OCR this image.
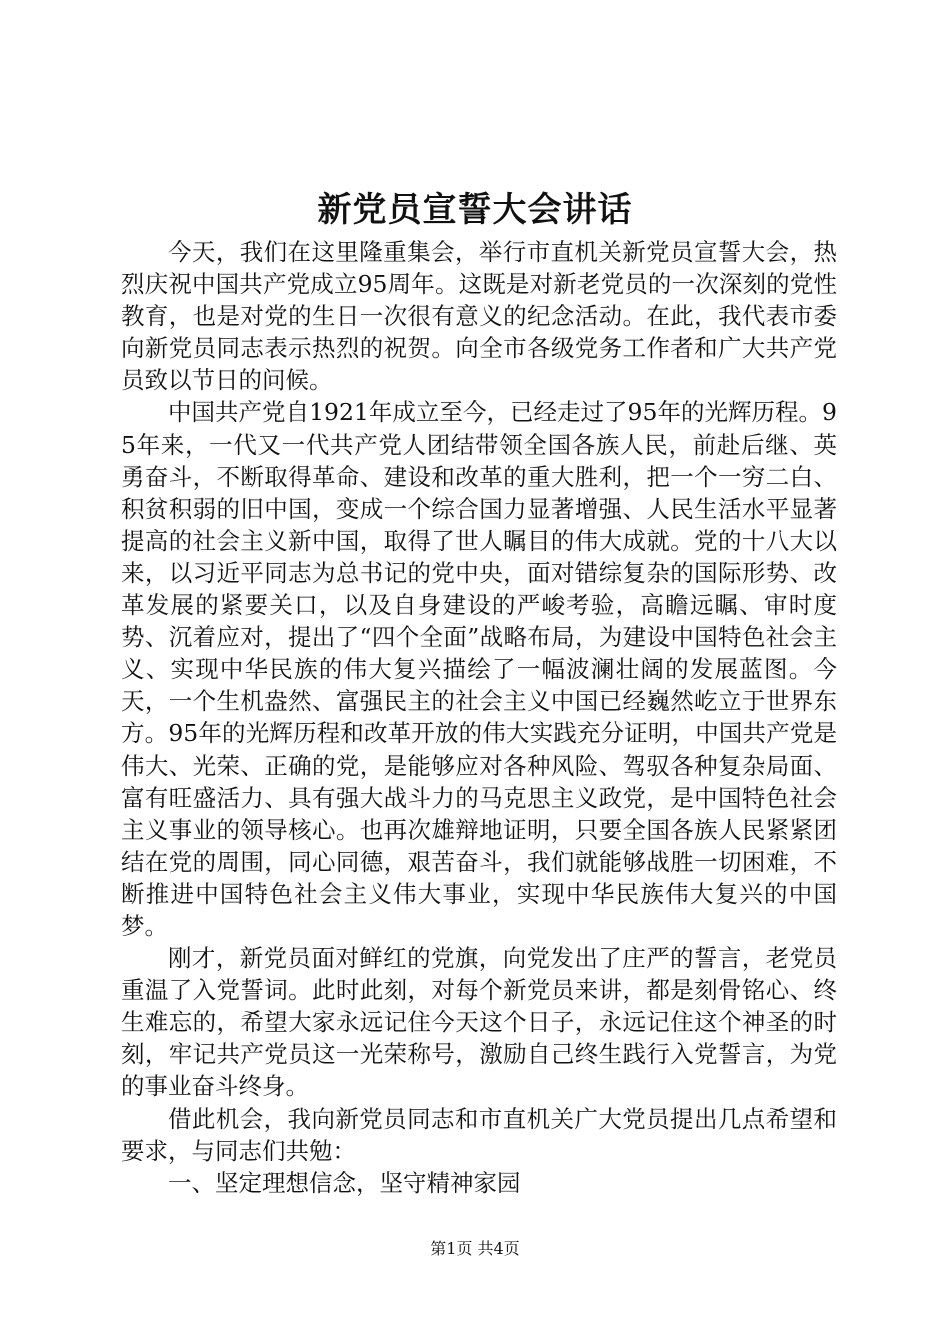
新党员宣誓大会讲话

今天，我们在这里隆重集会，举行市直机关新党员宣誓大会，热烈庆祝中国共产党成立95周年。这既是对新老党员的一次深刻的党性教育，也是对党的生日一次很有意义的纪念活动。在此，我代表市委向新党员同志表示热烈的祝贺。向全市各级党务工作者和广大共产党员致以节日的问候。

中国共产党自1921年成立至今，已经走过了95年的光辉历程。95年来，一代又一代共产党人团结带领全国各族人民，前赴后继、英勇奋斗，不断取得革命、建设和改革的重大胜利，把一个一穷二白、积贫积弱的旧中国，变成一个综合国力显著增强、人民生活水平显著提高的社会主义新中国，取得了世人瞩目的伟大成就。党的十八大以来，以习近平同志为总书记的党中央，面对错综复杂的国际形势、改革发展的紧要关口，以及自身建设的严峻考验，高瞻远瞩、审时度势、沉着应对，提出了“四个全面”战略布局，为建设中国特色社会主义、实现中华民族的伟大复兴描绘了一幅波澜壮阔的发展蓝图。今天，一个生机盎然、富强民主的社会主义中国已经巍然屹立于世界东方。95年的光辉历程和改革开放的伟大实践充分证明，中国共产党是伟大、光荣、正确的党，是能够应对各种风险、驾驭各种复杂局面、富有旺盛活力、具有强大战斗力的马克思主义政党，是中国特色社会主义事业的领导核心。也再次雄辩地证明，只要全国各族人民紧紧团结在党的周围，同心同德，艰苦奋斗，我们就能够战胜一切困难，不断推进中国特色社会主义伟大事业，实现中华民族伟大复兴的中国梦。

刚才，新党员面对鲜红的党旗，向党发出了庄严的誓言，老党员重温了入党誓词。此时此刻，对每个新党员来讲，都是刻骨铭心、终生难忘的，希望大家永远记住今天这个日子，永远记住这个神圣的时刻，牢记共产党员这一光荣称号，激励自己终生践行入党誓言，为党的事业奋斗终身。

借此机会，我向新党员同志和市直机关广大党员提出几点希望和要求，与同志们共勉：

一、坚定理想信念，坚守精神家园

第1页 共4页
